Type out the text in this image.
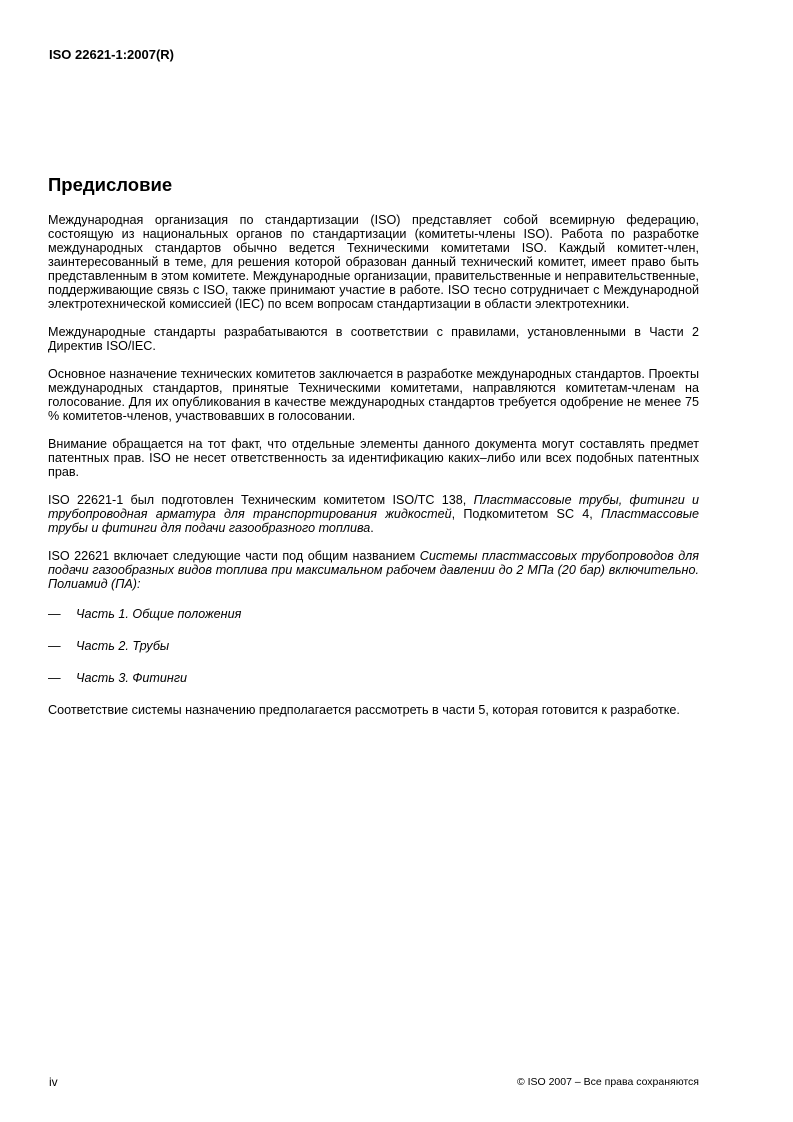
ISO 22621-1:2007(R)
Предисловие

Международная организация по стандартизации (ISO) представляет собой всемирную федерацию, состоящую из национальных органов по стандартизации (комитеты-члены ISO). Работа по разработке международных стандартов обычно ведется Техническими комитетами ISO. Каждый комитет-член, заинтересованный в теме, для решения которой образован данный технический комитет, имеет право быть представленным в этом комитете. Международные организации, правительственные и неправительственные, поддерживающие связь с ISO, также принимают участие в работе. ISO тесно сотрудничает с Международной электротехнической комиссией (IEC) по всем вопросам стандартизации в области электротехники.

Международные стандарты разрабатываются в соответствии с правилами, установленными в Части 2 Директив ISO/IEC.

Основное назначение технических комитетов заключается в разработке международных стандартов. Проекты международных стандартов, принятые Техническими комитетами, направляются комитетам-членам на голосование. Для их опубликования в качестве международных стандартов требуется одобрение не менее 75 % комитетов-членов, участвовавших в голосовании.

Внимание обращается на тот факт, что отдельные элементы данного документа могут составлять предмет патентных прав. ISO не несет ответственность за идентификацию каких–либо или всех подобных патентных прав.

ISO 22621-1 был подготовлен Техническим комитетом ISO/TC 138, Пластмассовые трубы, фитинги и трубопроводная арматура для транспортирования жидкостей, Подкомитетом SC 4, Пластмассовые трубы и фитинги для подачи газообразного топлива.

ISO 22621 включает следующие части под общим названием Системы пластмассовых трубопроводов для подачи газообразных видов топлива при максимальном рабочем давлении до 2 МПа (20 бар) включительно. Полиамид (ПА):

— Часть 1. Общие положения
— Часть 2. Трубы
— Часть 3. Фитинги

Соответствие системы назначению предполагается рассмотреть в части 5, которая готовится к разработке.

iv	© ISO 2007 – Все права сохраняются
